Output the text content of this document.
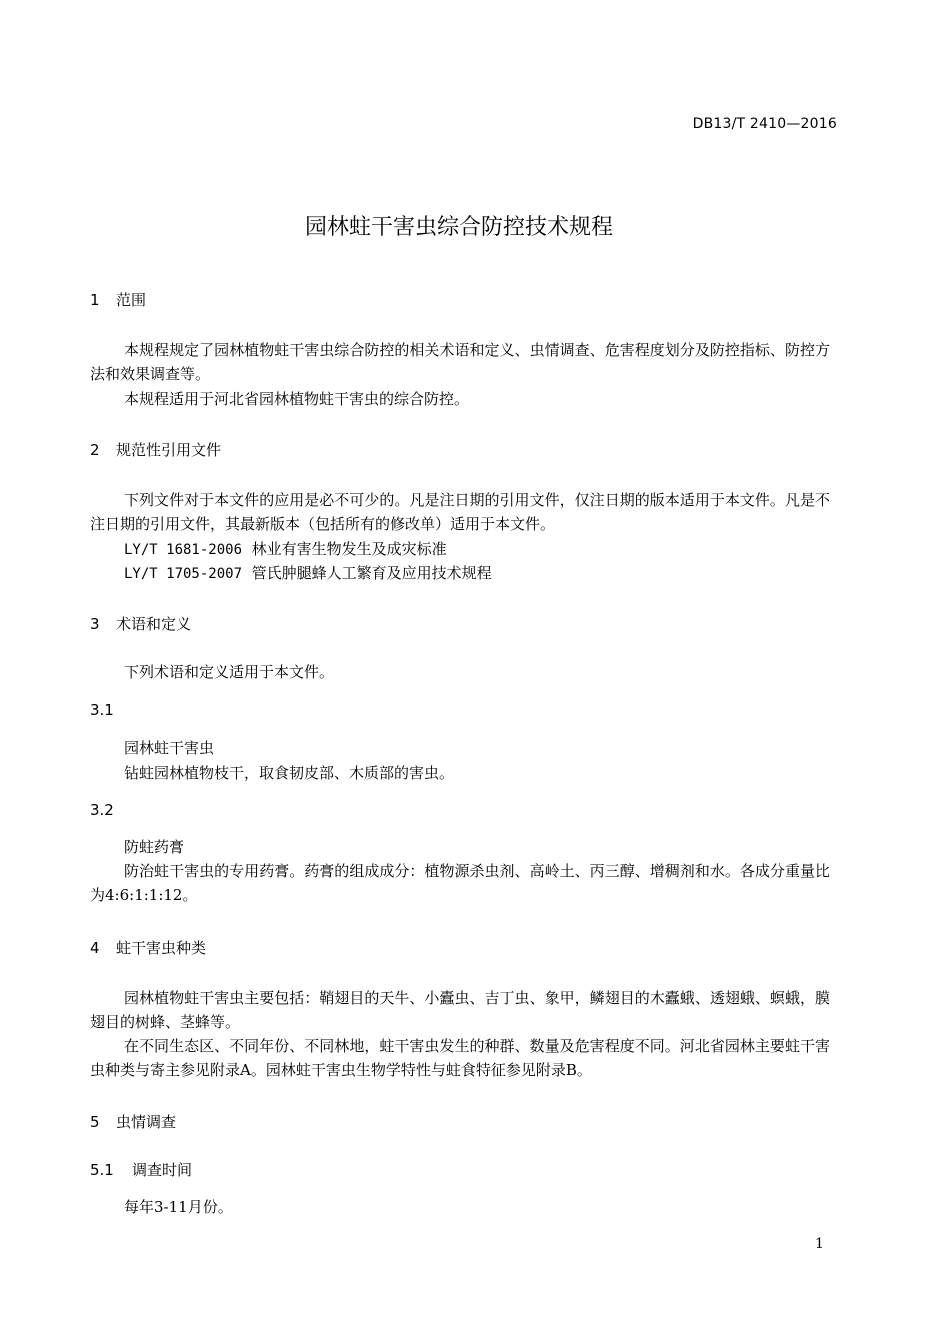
DB13/T 2410—2016
园林蛀干害虫综合防控技术规程
1 范围
本规程规定了园林植物蛀干害虫综合防控的相关术语和定义、虫情调查、危害程度划分及防控指标、防控方法和效果调查等。
本规程适用于河北省园林植物蛀干害虫的综合防控。
2 规范性引用文件
下列文件对于本文件的应用是必不可少的。凡是注日期的引用文件，仅注日期的版本适用于本文件。凡是不注日期的引用文件，其最新版本（包括所有的修改单）适用于本文件。
LY/T 1681-2006 林业有害生物发生及成灾标准
LY/T 1705-2007 管氏肿腿蜂人工繁育及应用技术规程
3 术语和定义
下列术语和定义适用于本文件。
3.1
园林蛀干害虫
钻蛀园林植物枝干，取食韧皮部、木质部的害虫。
3.2
防蛀药膏
防治蛀干害虫的专用药膏。药膏的组成成分：植物源杀虫剂、高岭土、丙三醇、增稠剂和水。各成分重量比为4:6:1:1:12。
4 蛀干害虫种类
园林植物蛀干害虫主要包括：鞘翅目的天牛、小蠹虫、吉丁虫、象甲，鳞翅目的木蠹蛾、透翅蛾、螟蛾，膜翅目的树蜂、茎蜂等。
在不同生态区、不同年份、不同林地，蛀干害虫发生的种群、数量及危害程度不同。河北省园林主要蛀干害虫种类与寄主参见附录A。园林蛀干害虫生物学特性与蛀食特征参见附录B。
5 虫情调查
5.1 调查时间
每年3-11月份。
1
